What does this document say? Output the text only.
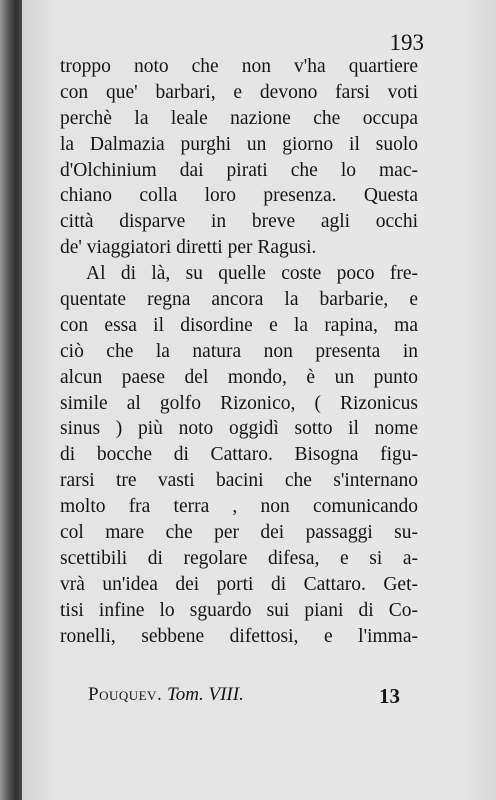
193
troppo noto che non v'ha quartiere
con que' barbari, e devono farsi voti
perchè la leale nazione che occupa
la Dalmazia purghi un giorno il suolo
d'Olchinium dai pirati che lo mac-
chiano colla loro presenza. Questa
città disparve in breve agli occhi
de' viaggiatori diretti per Ragusi.
Al di là, su quelle coste poco fre-
quentate regna ancora la barbarie, e
con essa il disordine e la rapina, ma
ciò che la natura non presenta in
alcun paese del mondo, è un punto
simile al golfo Rizonico, ( Rizonicus
sinus ) più noto oggidì sotto il nome
di bocche di Cattaro. Bisogna figu-
rarsi tre vasti bacini che s'internano
molto fra terra , non comunicando
col mare che per dei passaggi su-
scettibili di regolare difesa, e si a-
vrà un'idea dei porti di Cattaro. Get-
tisi infine lo sguardo sui piani di Co-
ronelli, sebbene difettosi, e l'imma-
Pouquev. Tom. VIII.	13
